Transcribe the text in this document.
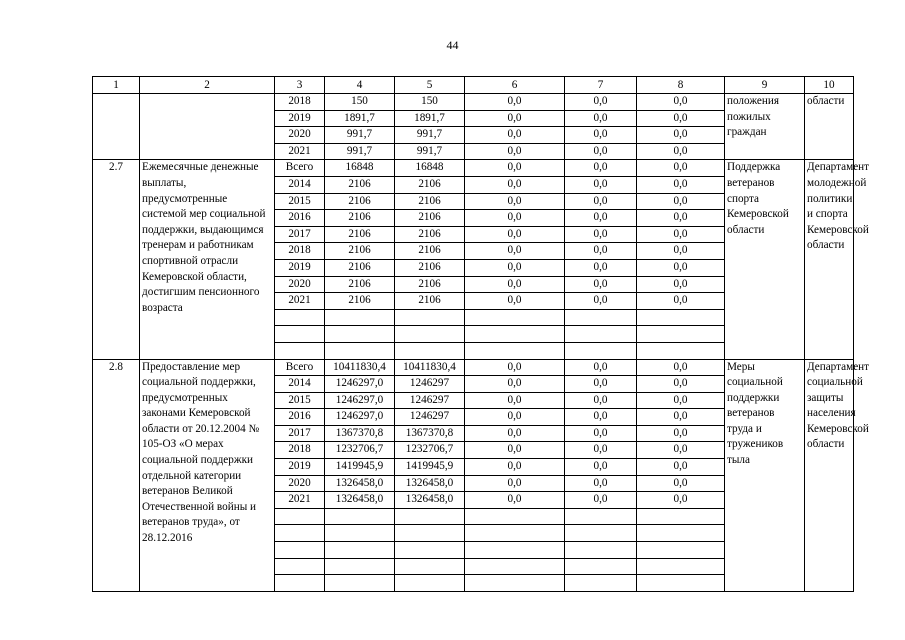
44
1	2	3	4	5	6	7	8	9	10
		2018	150	150	0,0	0,0	0,0	положения пожилых граждан	области
		2019	1891,7	1891,7	0,0	0,0	0,0		
		2020	991,7	991,7	0,0	0,0	0,0		
		2021	991,7	991,7	0,0	0,0	0,0		
2.7	Ежемесячные денежные выплаты, предусмотренные системой мер социальной поддержки, выдающимся тренерам и работникам спортивной отрасли Кемеровской области, достигшим пенсионного возраста	Всего	16848	16848	0,0	0,0	0,0	Поддержка ветеранов спорта Кемеровской области	Департамент молодежной политики и спорта Кемеровской области
		2014	2106	2106	0,0	0,0	0,0		
		2015	2106	2106	0,0	0,0	0,0		
		2016	2106	2106	0,0	0,0	0,0		
		2017	2106	2106	0,0	0,0	0,0		
		2018	2106	2106	0,0	0,0	0,0		
		2019	2106	2106	0,0	0,0	0,0		
		2020	2106	2106	0,0	0,0	0,0		
		2021	2106	2106	0,0	0,0	0,0		

2.8	Предоставление мер социальной поддержки, предусмотренных законами Кемеровской области от 20.12.2004 № 105-ОЗ «О мерах социальной поддержки отдельной категории ветеранов Великой Отечественной войны и ветеранов труда», от 28.12.2016	Всего	10411830,4	10411830,4	0,0	0,0	0,0	Меры социальной поддержки ветеранов труда и тружеников тыла	Департамент социальной защиты населения Кемеровской области
		2014	1246297,0	1246297	0,0	0,0	0,0		
		2015	1246297,0	1246297	0,0	0,0	0,0		
		2016	1246297,0	1246297	0,0	0,0	0,0		
		2017	1367370,8	1367370,8	0,0	0,0	0,0		
		2018	1232706,7	1232706,7	0,0	0,0	0,0		
		2019	1419945,9	1419945,9	0,0	0,0	0,0		
		2020	1326458,0	1326458,0	0,0	0,0	0,0		
		2021	1326458,0	1326458,0	0,0	0,0	0,0		
